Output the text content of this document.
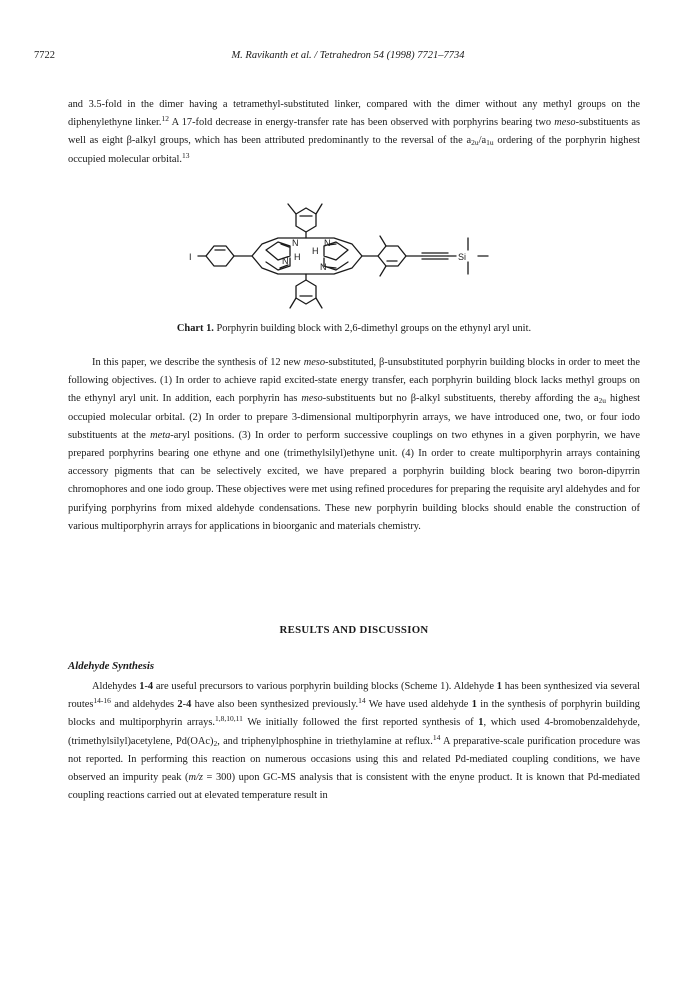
7722	M. Ravikanth et al. / Tetrahedron 54 (1998) 7721–7734

and 3.5-fold in the dimer having a tetramethyl-substituted linker, compared with the dimer without any methyl groups on the diphenylethyne linker.$^{12}$ A 17-fold decrease in energy-transfer rate has been observed with porphyrins bearing two meso-substituents as well as eight β-alkyl groups, which has been attributed predominantly to the reversal of the $a_{2u}/a_{1u}$ ordering of the porphyrin highest occupied molecular orbital.$^{13}$

I
N	N
N
N
H
H
Si
Chart 1. Porphyrin building block with 2,6-dimethyl groups on the ethynyl aryl unit.

In this paper, we describe the synthesis of 12 new meso-substituted, β-unsubstituted porphyrin building blocks in order to meet the following objectives. (1) In order to achieve rapid excited-state energy transfer, each porphyrin building block lacks methyl groups on the ethynyl aryl unit. In addition, each porphyrin has meso-substituents but no β-alkyl substituents, thereby affording the $a_{2u}$ highest occupied molecular orbital. (2) In order to prepare 3-dimensional multiporphyrin arrays, we have introduced one, two, or four iodo substituents at the meta-aryl positions. (3) In order to perform successive couplings on two ethynes in a given porphyrin, we have prepared porphyrins bearing one ethyne and one (trimethylsilyl)ethyne unit. (4) In order to create multiporphyrin arrays containing accessory pigments that can be selectively excited, we have prepared a porphyrin building block bearing two boron-dipyrrin chromophores and one iodo group. These objectives were met using refined procedures for preparing the requisite aryl aldehydes and for purifying porphyrins from mixed aldehyde condensations. These new porphyrin building blocks should enable the construction of various multiporphyrin arrays for applications in bioorganic and materials chemistry.

RESULTS AND DISCUSSION
Aldehyde Synthesis

Aldehydes 1-4 are useful precursors to various porphyrin building blocks (Scheme 1). Aldehyde 1 has been synthesized via several routes$^{14-16}$ and aldehydes 2-4 have also been synthesized previously.$^{14}$ We have used aldehyde 1 in the synthesis of porphyrin building blocks and multiporphyrin arrays.$^{1,8,10,11}$ We initially followed the first reported synthesis of 1, which used 4-bromobenzaldehyde, (trimethylsilyl)acetylene, $Pd(OAc)_2$, and triphenylphosphine in triethylamine at reflux.$^{14}$ A preparative-scale purification procedure was not reported. In performing this reaction on numerous occasions using this and related Pd-mediated coupling conditions, we have observed an impurity peak (m/z = 300) upon GC-MS analysis that is consistent with the enyne product. It is known that Pd-mediated coupling reactions carried out at elevated temperature result in
